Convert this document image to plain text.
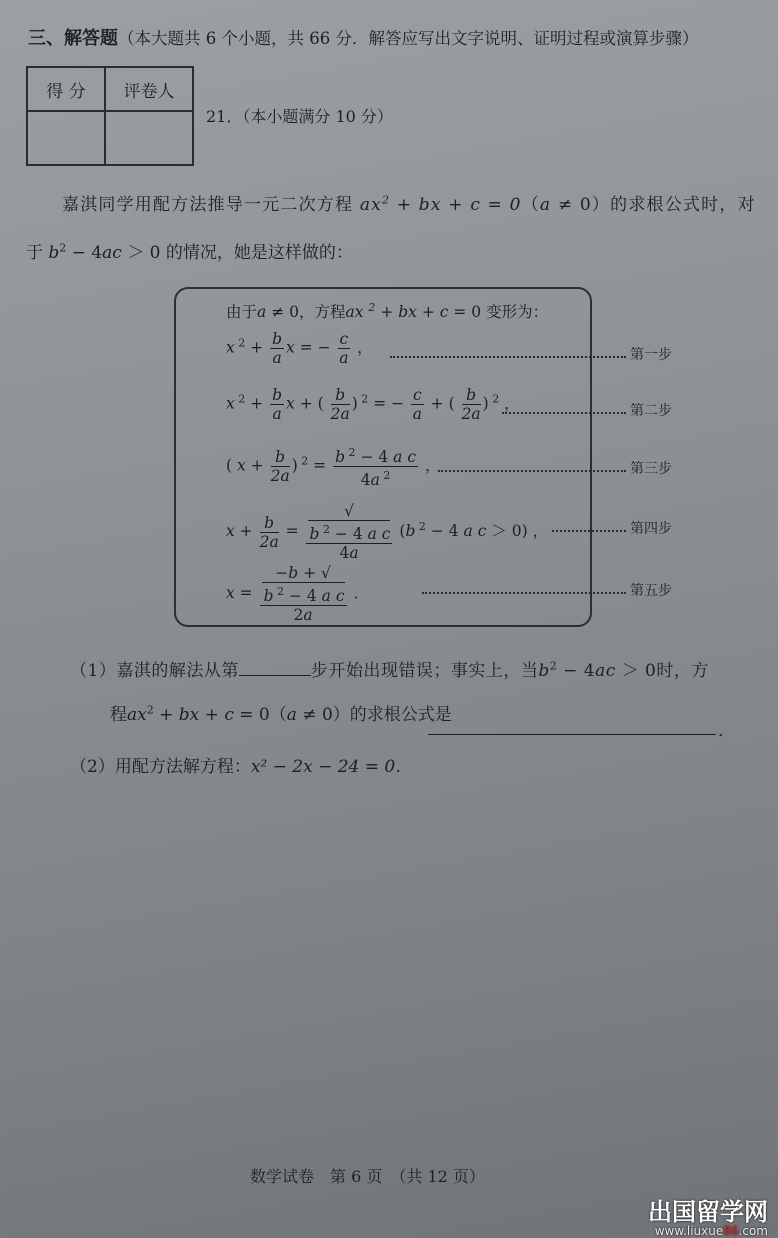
三、解答题（本大题共 6 个小题，共 66 分．解答应写出文字说明、证明过程或演算步骤）
得 分	评卷人

21．（本小题满分 10 分）
嘉淇同学用配方法推导一元二次方程 $ax^2$ + bx + c = 0（a ≠ 0）的求根公式时，对
于 $b^2 - 4ac > 0$ 的情况，她是这样做的：
由于a ≠ 0，方程ax $^2$ + bx + c = 0 变形为：
x $^2 + \frac{b}{a}$ x = − $\frac{c}{a}$ ，	第一步
x $^2 + \frac{b}{a}$ x + ( $\frac{b}{2a}$ ) $^2$ = − $\frac{c}{a}$ + ( $\frac{b}{2a}$ ) $^2$ ，	第二步
( $x + \frac{b}{2a}$ ) $^2 = \frac{b ^2 - 4 a c}{4a ^2}$ ，	第三步
$x + \frac{b}{2a}$ = √
b $^2$ − 4 a c
4a (b $^2$ − 4 a c ＞ 0) ，	第四步
x = −b + √
b $^2$ − 4 a c
2a ．	第五步
（1）嘉淇的解法从第	步开始出现错误；事实上，当$b^2 - 4ac > 0$时，方
程$ax^2$ + bx + c = 0（a ≠ 0）的求根公式是
．
（2）用配方法解方程：x² − 2x − 24 = 0．
数学试卷　第 6 页　（共 12 页）
出国留学网
www.liuxue86.com
